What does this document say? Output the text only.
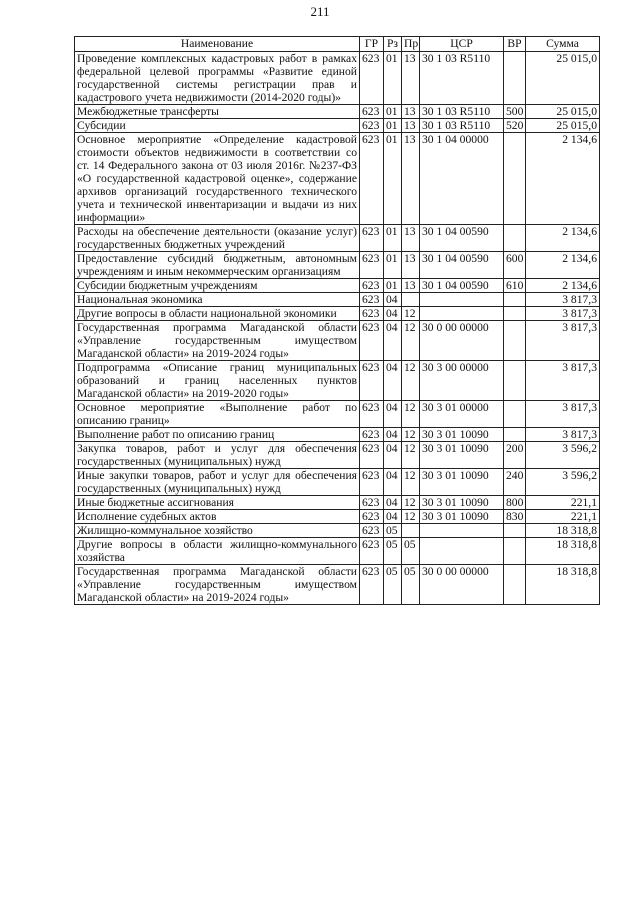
211
Наименование	ГР	Рз	Пр	ЦСР	ВР	Сумма
Проведение комплексных кадастровых работ в рамках федеральной целевой программы «Развитие единой государственной системы регистрации прав и кадастрового учета недвижимости (2014-2020 годы)»	623	01	13	30 1 03 R5110		25 015,0
Межбюджетные трансферты	623	01	13	30 1 03 R5110	500	25 015,0
Субсидии	623	01	13	30 1 03 R5110	520	25 015,0
Основное мероприятие «Определение кадастровой стоимости объектов недвижимости в соответствии со ст. 14 Федерального закона от 03 июля 2016г. №237-ФЗ «О государственной кадастровой оценке», содержание архивов организаций государственного технического учета и технической инвентаризации и выдачи из них информации»	623	01	13	30 1 04 00000		2 134,6
Расходы на обеспечение деятельности (оказание услуг) государственных бюджетных учреждений	623	01	13	30 1 04 00590		2 134,6
Предоставление субсидий бюджетным, автономным учреждениям и иным некоммерческим организациям	623	01	13	30 1 04 00590	600	2 134,6
Субсидии бюджетным учреждениям	623	01	13	30 1 04 00590	610	2 134,6
Национальная экономика	623	04				3 817,3
Другие вопросы в области национальной экономики	623	04	12			3 817,3
Государственная программа Магаданской области «Управление государственным имуществом Магаданской области» на 2019-2024 годы»	623	04	12	30 0 00 00000		3 817,3
Подпрограмма «Описание границ муниципальных образований и границ населенных пунктов Магаданской области» на 2019-2020 годы»	623	04	12	30 3 00 00000		3 817,3
Основное мероприятие «Выполнение работ по описанию границ»	623	04	12	30 3 01 00000		3 817,3
Выполнение работ по описанию границ	623	04	12	30 3 01 10090		3 817,3
Закупка товаров, работ и услуг для обеспечения государственных (муниципальных) нужд	623	04	12	30 3 01 10090	200	3 596,2
Иные закупки товаров, работ и услуг для обеспечения государственных (муниципальных) нужд	623	04	12	30 3 01 10090	240	3 596,2
Иные бюджетные ассигнования	623	04	12	30 3 01 10090	800	221,1
Исполнение судебных актов	623	04	12	30 3 01 10090	830	221,1
Жилищно-коммунальное хозяйство	623	05				18 318,8
Другие вопросы в области жилищно-коммунального хозяйства	623	05	05			18 318,8
Государственная программа Магаданской области «Управление государственным имуществом Магаданской области» на 2019-2024 годы»	623	05	05	30 0 00 00000		18 318,8
